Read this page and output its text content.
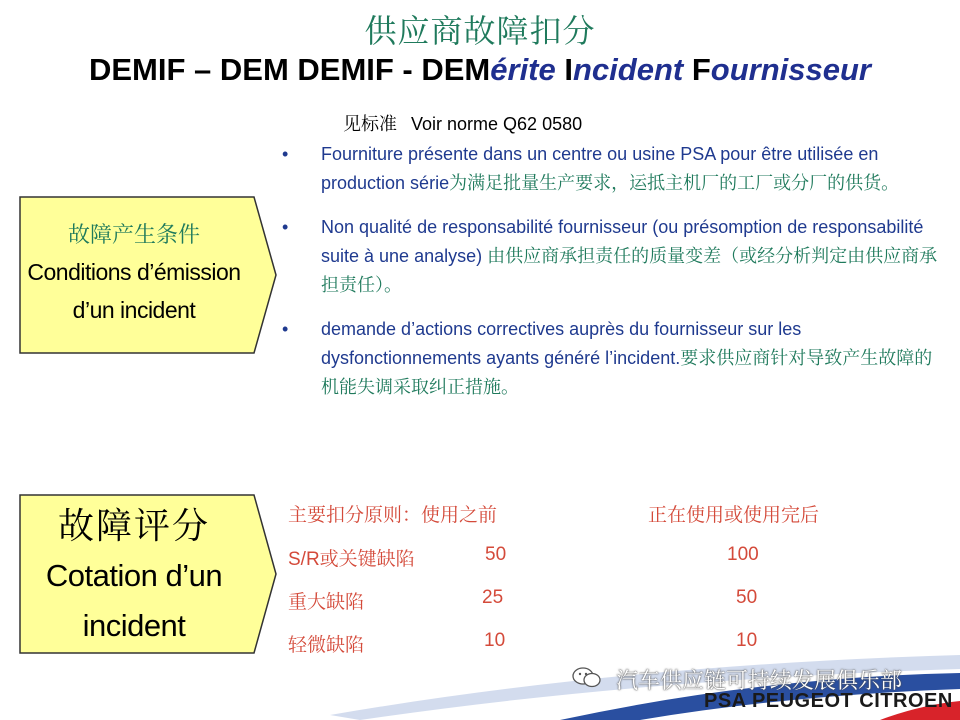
供应商故障扣分
DEMIF – DEM DEMIF - DEMérite Incident Fournisseur
见标准 Voir norme Q62 0580
• Fourniture présente dans un centre ou usine PSA pour être utilisée en production série为满足批量生产要求，运抵主机厂的工厂或分厂的供货。
• Non qualité de responsabilité fournisseur (ou présomption de responsabilité suite à une analyse) 由供应商承担责任的质量变差（或经分析判定由供应商承担责任）。
• demande d’actions correctives auprès du fournisseur sur les dysfonctionnements ayants généré l’incident.要求供应商针对导致产生故障的机能失调采取纠正措施。
故障产生条件
Conditions d’émission
d’un incident
故障评分
Cotation d’un
incident
主要扣分原则：使用之前	正在使用或使用完后
S/R或关键缺陷	50	100
重大缺陷	25	50
轻微缺陷	10	10
汽车供应链可持续发展俱乐部
PSA PEUGEOT CITROEN
